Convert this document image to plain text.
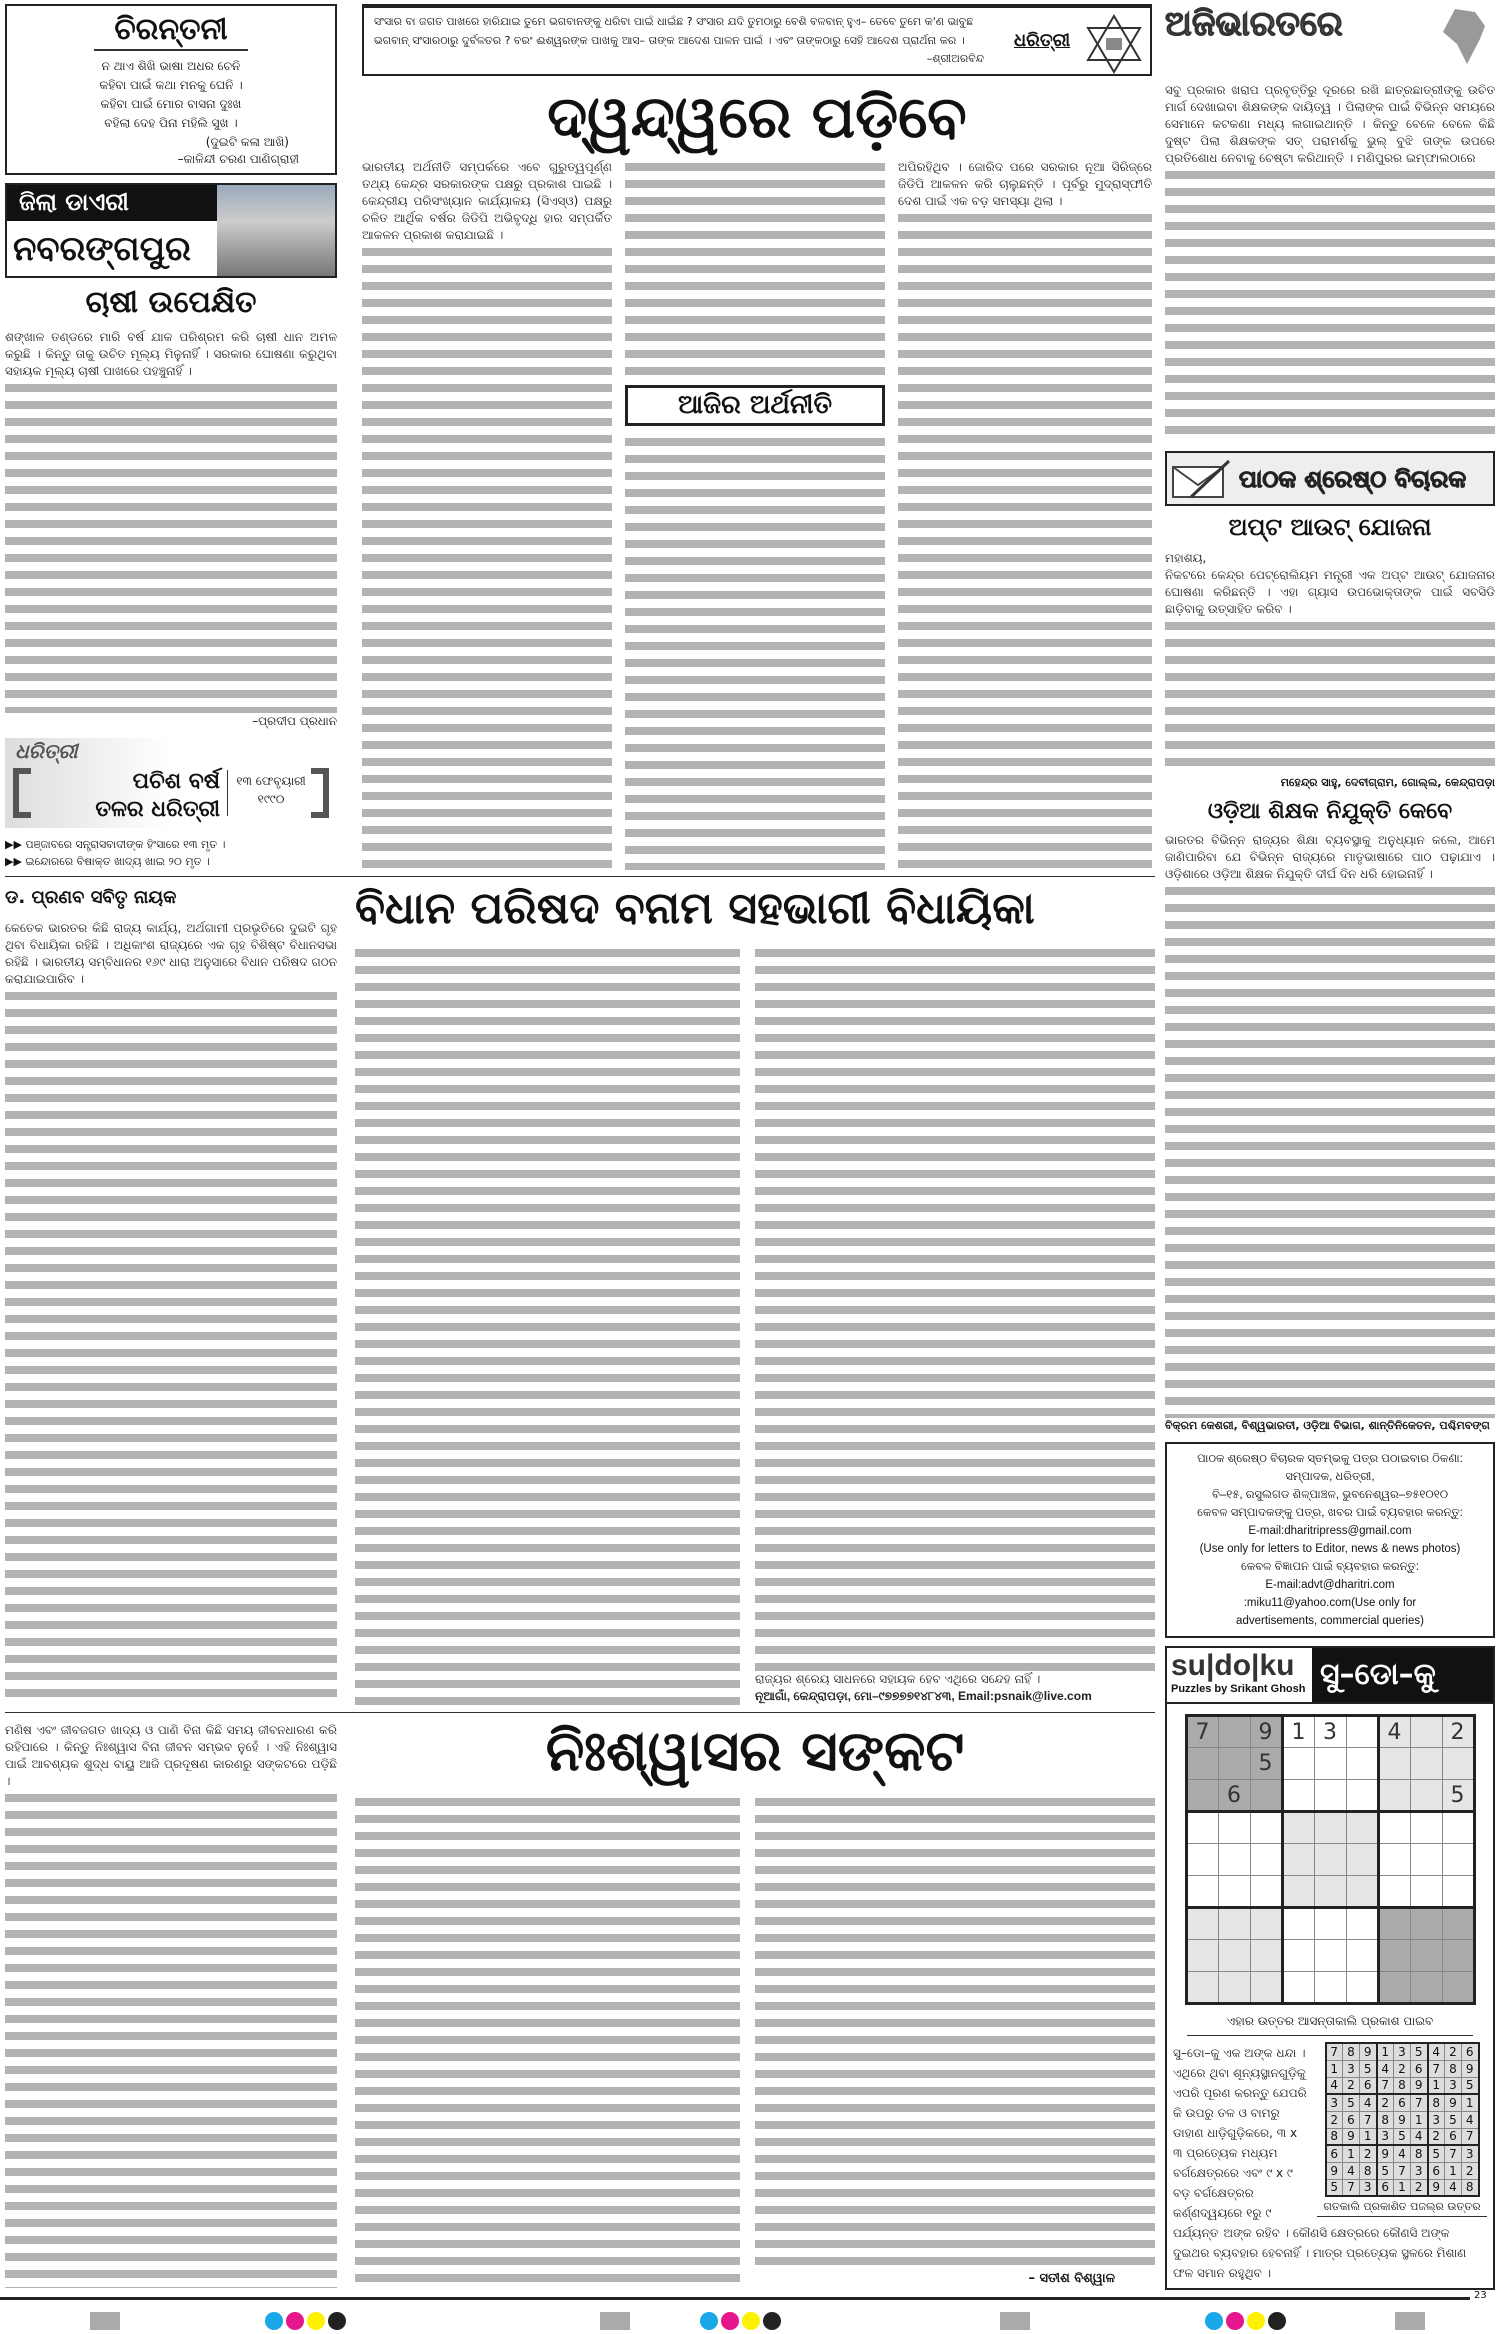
ଚିରନ୍ତନୀ
ନ ଥାଏ ଶିଖି ଭାଷା ଅଧର ଚେନି
କହିବା ପାଇଁ କଥା ମନକୁ ଘେନି ।
କହିବା ପାଇଁ ମୋର ବାସନା ଦୁଃଖ
ବହିଲା ଦେହ ପିନା ମହିଲି ସୁଖ ।
(ଦୁଇଟି କଳା ଆଖି)
–କାଳିନ୍ଦୀ ଚରଣ ପାଣିଗ୍ରାହୀ
ଜିଲା ଡାଏରୀ
ନବରଙ୍ଗପୁର
ଚାଷୀ ଉପେକ୍ଷିତ
ଶଙ୍ଖାଳ ତଣ୍ଡରେ ମାରି ବର୍ଷ ଯାକ ପରିଶ୍ରମ କରି ଚାଷୀ ଧାନ ଅମଳ କରୁଛି । କିନ୍ତୁ ତାକୁ ଉଚିତ ମୂଲ୍ୟ ମିଳୁନାହିଁ । ସରକାର ଘୋଷଣା କରୁଥିବା ସହାୟକ ମୂଲ୍ୟ ଚାଷୀ ପାଖରେ ପହଞ୍ଚୁନାହିଁ ।
–ପ୍ରଦୀପ ପ୍ରଧାନ
ଧରିତ୍ରୀ
ପଚିଶ ବର୍ଷ
ତଳର ଧରିତ୍ରୀ
୧୩ ଫେବୃୟାରୀ
୧୯୯୦
▶▶ ପଞ୍ଜାବରେ ସନ୍ତ୍ରାସବାଦୀଙ୍କ ହିଂସାରେ ୧୩ ମୃତ ।
▶▶ ଇନ୍ଦୋରରେ ବିଷାକ୍ତ ଖାଦ୍ୟ ଖାଇ ୨୦ ମୃତ ।
ସଂସାର ବା ଜଗତ ପାଖରେ ହାରିଯାଇ ତୁମେ ଭଗବାନଙ୍କୁ ଧରିବା ପାଇଁ ଧାଇଁଛ ? ସଂସାର ଯଦି ତୁମଠାରୁ ବେଶି ବଳବାନ୍ ହୁଏ– ତେବେ ତୁମେ କ'ଣ ଭାବୁଛ ଭଗବାନ୍ ସଂସାରଠାରୁ ଦୁର୍ବଳତର ? ବରଂ ଈଶ୍ୱରଙ୍କ ପାଖକୁ ଆସ– ତାଙ୍କ ଆଦେଶ ପାଳନ ପାଇଁ । ଏବଂ ତାଙ୍କଠାରୁ ସେହି ଆଦେଶ ପ୍ରାର୍ଥନା କର ।
–ଶ୍ରୀଅରବିନ୍ଦ
ଧରିତ୍ରୀ
ଦ୍ୱନ୍ଦ୍ୱରେ ପଡ଼ିବେ
ଭାରତୀୟ ଅର୍ଥନୀତି ସମ୍ପର୍କରେ ଏବେ ଗୁରୁତ୍ୱପୂର୍ଣ୍ଣ ତଥ୍ୟ କେନ୍ଦ୍ର ସରକାରଙ୍କ ପକ୍ଷରୁ ପ୍ରକାଶ ପାଇଛି । କେନ୍ଦ୍ରୀୟ ପରିସଂଖ୍ୟାନ କାର୍ଯ୍ୟାଳୟ (ସିଏସ୍ଓ) ପକ୍ଷରୁ ଚଳିତ ଆର୍ଥିକ ବର୍ଷର ଜିଡିପି ଅଭିବୃଦ୍ଧି ହାର ସମ୍ପର୍କିତ ଆକଳନ ପ୍ରକାଶ କରାଯାଇଛି ।
ଆଜିର ଅର୍ଥନୀତି
ଅପିରହିଥିବ । ଜୋରିଦ ପରେ ସରକାର ନୂଆ ସିରିଜ୍‌ରେ ଜିଡିପି ଆକଳନ କରି ଚାଲୁଛନ୍ତି । ପୂର୍ବରୁ ମୁଦ୍ରାସ୍ଫୀତି ଦେଶ ପାଇଁ ଏକ ବଡ଼ ସମସ୍ୟା ଥିଲା ।
ଅଜିଭାରତରେ
ସବୁ ପ୍ରକାର ଖରାପ ପ୍ରବୃତ୍ତିରୁ ଦୂରରେ ରଖି ଛାତ୍ରଛାତ୍ରୀଙ୍କୁ ଉଚିତ ମାର୍ଗ ଦେଖାଇବା ଶିକ୍ଷକଙ୍କ ଦାୟିତ୍ୱ । ପିଲାଙ୍କ ପାଇଁ ବିଭିନ୍ନ ସମୟରେ ସେମାନେ କଟକଣା ମଧ୍ୟ ଲଗାଇଥାନ୍ତି । କିନ୍ତୁ ବେଳେ ବେଳେ କିଛି ଦୁଷ୍ଟ ପିଲା ଶିକ୍ଷକଙ୍କ ସତ୍ ପରାମର୍ଶକୁ ଭୁଲ୍ ବୁଝି ତାଙ୍କ ଉପରେ ପ୍ରତିଶୋଧ ନେବାକୁ ଚେଷ୍ଟା କରିଥାନ୍ତି । ମଣିପୁରର ଇମ୍ଫାଲଠାରେ
ପାଠକ ଶ୍ରେଷ୍ଠ ବିଚାରକ
ଅପ୍ଟ ଆଉଟ୍ ଯୋଜନା
ମହାଶୟ,
ନିକଟରେ କେନ୍ଦ୍ର ପେଟ୍ରୋଲିୟମ ମନ୍ତ୍ରୀ ଏକ ଅପ୍ଟ ଆଉଟ୍ ଯୋଜନାର ଘୋଷଣା କରିଛନ୍ତି । ଏହା ଗ୍ୟାସ ଉପଭୋକ୍ତାଙ୍କ ପାଇଁ ସବସିଡି ଛାଡ଼ିବାକୁ ଉତ୍ସାହିତ କରିବ ।
ମହେନ୍ଦ୍ର ସାହୁ, ଦେବୀଗ୍ରାମ, ଗୋଲ୍ଲ, କେନ୍ଦ୍ରାପଡ଼ା
ଓଡ଼ିଆ ଶିକ୍ଷକ ନିଯୁକ୍ତି କେବେ
ଭାରତର ବିଭିନ୍ନ ରାଜ୍ୟର ଶିକ୍ଷା ବ୍ୟବସ୍ଥାକୁ ଅନୁଧ୍ୟାନ କଲେ, ଆମେ ଜାଣିପାରିବା ଯେ ବିଭିନ୍ନ ରାଜ୍ୟରେ ମାତୃଭାଷାରେ ପାଠ ପଢ଼ାଯାଏ । ଓଡ଼ିଶାରେ ଓଡ଼ିଆ ଶିକ୍ଷକ ନିଯୁକ୍ତି ଦୀର୍ଘ ଦିନ ଧରି ହୋଇନାହିଁ ।
ବିକ୍ରମ କେଶରୀ, ବିଶ୍ୱଭାରତୀ, ଓଡ଼ିଆ ବିଭାଗ, ଶାନ୍ତିନିକେତନ, ପଶ୍ଚିମବଙ୍ଗ
ପାଠକ ଶ୍ରେଷ୍ଠ ବିଚାରକ ସ୍ତମ୍ଭକୁ ପତ୍ର ପଠାଇବାର ଠିକଣା:
ସମ୍ପାଦକ, ଧରିତ୍ରୀ,
ବି–୧୫, ରସୁଲଗଡ ଶିଳ୍ପାଞ୍ଚଳ, ଭୁବନେଶ୍ୱର–୭୫୧୦୧୦
କେବଳ ସମ୍ପାଦକଙ୍କୁ ପତ୍ର, ଖବର ପାଇଁ ବ୍ୟବହାର କରନ୍ତୁ:
E-mail:dharitripress@gmail.com
(Use only for letters to Editor, news & news photos)
କେବଳ ବିଜ୍ଞାପନ ପାଇଁ ବ୍ୟବହାର କରନ୍ତୁ:
E-mail:advt@dharitri.com
:miku11@yahoo.com(Use only for
advertisements, commercial queries)
su|do|ku
Puzzles by Srikant Ghosh ସୁ–ଡୋ–କୁ
7		9	1	3		4		2
		5						
	6							5

ଏହାର ଉତ୍ତର ଆସନ୍ତାକାଲି ପ୍ରକାଶ ପାଇବ
7	8	9	1	3	5	4	2	6
1	3	5	4	2	6	7	8	9
4	2	6	7	8	9	1	3	5
3	5	4	2	6	7	8	9	1
2	6	7	8	9	1	3	5	4
8	9	1	3	5	4	2	6	7
6	1	2	9	4	8	5	7	3
9	4	8	5	7	3	6	1	2
5	7	3	6	1	2	9	4	8
ଗତକାଲି ପ୍ରକାଶିତ ପଜଲ୍‌ର ଉତ୍ତର
ସୁ–ଡୋ–କୁ ଏକ ଅଙ୍କ ଧନ୍ଦା । ଏଥିରେ ଥିବା ଶୂନ୍ୟସ୍ଥାନଗୁଡ଼ିକୁ ଏପରି ପୂରଣ କରନ୍ତୁ ଯେପରି କି ଉପରୁ ତଳ ଓ ବାମରୁ ଡାହାଣ ଧାଡ଼ିଗୁଡ଼ିକରେ, ୩ x ୩ ପ୍ରତ୍ୟେକ ମଧ୍ୟମ ବର୍ଗକ୍ଷେତ୍ରରେ ଏବଂ ୯ x ୯ ବଡ଼ ବର୍ଗକ୍ଷେତ୍ରର କର୍ଣ୍ଣଦ୍ୱୟରେ ୧ରୁ ୯ ପର୍ଯ୍ୟନ୍ତ ଅଙ୍କ ରହିବ । କୌଣସି କ୍ଷେତ୍ରରେ କୌଣସି ଅଙ୍କ ଦୁଇଥର ବ୍ୟବହାର ହେବନାହିଁ । ମାତ୍ର ପ୍ରତ୍ୟେକ ସ୍ଥଳରେ ମିଶାଣ ଫଳ ସମାନ ରହୁଥିବ ।
ଡ. ପ୍ରଣବ ସବିତୃ ନାୟକ
କେତେକ ଭାରତର କିଛି ରାଜ୍ୟ କାର୍ଯ୍ୟ, ଅର୍ଥଗାମୀ ପ୍ରଭୃତିରେ ଦୁଇଟି ଗୃହ ଥିବା ବିଧାୟିକା ରହିଛି । ଅଧିକାଂଶ ରାଜ୍ୟରେ ଏକ ଗୃହ ବିଶିଷ୍ଟ ବିଧାନସଭା ରହିଛି । ଭାରତୀୟ ସମ୍ବିଧାନର ୧୬୯ ଧାରା ଅନୁସାରେ ବିଧାନ ପରିଷଦ ଗଠନ କରାଯାଇପାରିବ ।
ବିଧାନ ପରିଷଦ ବନାମ ସହଭାଗୀ ବିଧାୟିକା
ରାଜ୍ୟର ଶ୍ରେୟ ସାଧନରେ ସହାୟକ ହେବ ଏଥିରେ ସନ୍ଦେହ ନାହିଁ ।
ନୂଆଗାଁ, କେନ୍ଦ୍ରାପଡ଼ା, ମୋ–୯୭୭୭୭୧୪୮୪୩, Email:psnaik@live.com
ମଣିଷ ଏବଂ ଜୀବଜଗତ ଖାଦ୍ୟ ଓ ପାଣି ବିନା କିଛି ସମୟ ଜୀବନଧାରଣ କରି ରହିପାରେ । କିନ୍ତୁ ନିଃଶ୍ୱାସ ବିନା ଜୀବନ ସମ୍ଭବ ନୁହେଁ । ଏହି ନିଃଶ୍ୱାସ ପାଇଁ ଆବଶ୍ୟକ ଶୁଦ୍ଧ ବାୟୁ ଆଜି ପ୍ରଦୂଷଣ କାରଣରୁ ସଙ୍କଟରେ ପଡ଼ିଛି ।	ନିଃଶ୍ୱାସର ସଙ୍କଟ
– ସତୀଶ ବିଶ୍ୱାଳ
23
